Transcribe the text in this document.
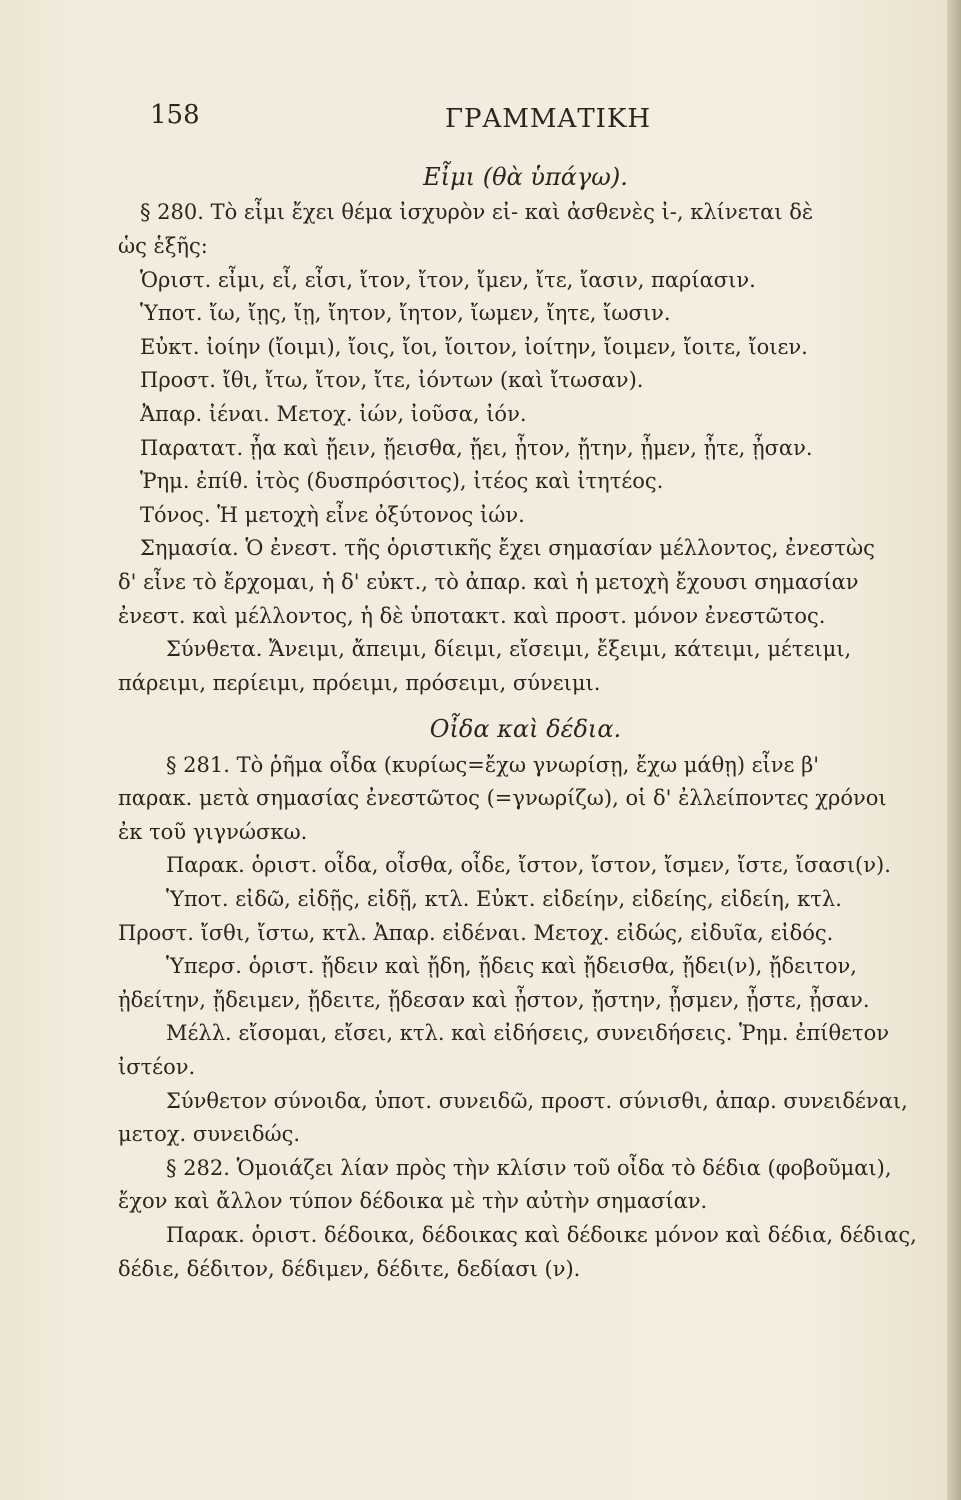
158	ΓΡΑΜΜΑΤΙΚΗ
Εἶμι (θὰ ὑπάγω).
§ 280. Τὸ εἶμι ἔχει θέμα ἰσχυρὸν εἰ- καὶ ἀσθενὲς ἰ-, κλίνεται δὲ
ὡς ἑξῆς:
Ὁριστ. εἶμι, εἶ, εἶσι, ἴτον, ἴτον, ἴμεν, ἴτε, ἴασιν, παρίασιν.
Ὑποτ. ἴω, ἴῃς, ἴῃ, ἴητον, ἴητον, ἴωμεν, ἴητε, ἴωσιν.
Εὐκτ. ἰοίην (ἴοιμι), ἴοις, ἴοι, ἴοιτον, ἰοίτην, ἴοιμεν, ἴοιτε, ἴοιεν.
Προστ. ἴθι, ἴτω, ἴτον, ἴτε, ἰόντων (καὶ ἴτωσαν).
Ἀπαρ. ἰέναι. Μετοχ. ἰών, ἰοῦσα, ἰόν.
Παρατατ. ᾖα καὶ ᾔειν, ᾔεισθα, ᾔει, ᾖτον, ᾔτην, ᾖμεν, ᾖτε, ᾖσαν.
Ῥημ. ἐπίθ. ἰτὸς (δυσπρόσιτος), ἰτέος καὶ ἰτητέος.
Τόνος. Ἡ μετοχὴ εἶνε ὀξύτονος ἰών.
Σημασία. Ὁ ἐνεστ. τῆς ὁριστικῆς ἔχει σημασίαν μέλλοντος, ἐνεστὼς
δ' εἶνε τὸ ἔρχομαι, ἡ δ' εὐκτ., τὸ ἀπαρ. καὶ ἡ μετοχὴ ἔχουσι σημασίαν
ἐνεστ. καὶ μέλλοντος, ἡ δὲ ὑποτακτ. καὶ προστ. μόνον ἐνεστῶτος.
Σύνθετα. Ἄνειμι, ἄπειμι, δίειμι, εἴσειμι, ἔξειμι, κάτειμι, μέτειμι,
πάρειμι, περίειμι, πρόειμι, πρόσειμι, σύνειμι.
Οἶδα καὶ δέδια.
§ 281. Τὸ ῥῆμα οἶδα (κυρίως=ἔχω γνωρίσῃ, ἔχω μάθῃ) εἶνε β'
παρακ. μετὰ σημασίας ἐνεστῶτος (=γνωρίζω), οἱ δ' ἐλλείποντες χρόνοι
ἐκ τοῦ γιγνώσκω.
Παρακ. ὁριστ. οἶδα, οἶσθα, οἶδε, ἴστον, ἴστον, ἴσμεν, ἴστε, ἴσασι(ν).
Ὑποτ. εἰδῶ, εἰδῇς, εἰδῇ, κτλ. Εὐκτ. εἰδείην, εἰδείης, εἰδείη, κτλ.
Προστ. ἴσθι, ἴστω, κτλ. Ἀπαρ. εἰδέναι. Μετοχ. εἰδώς, εἰδυῖα, εἰδός.
Ὑπερσ. ὁριστ. ᾔδειν καὶ ᾔδη, ᾔδεις καὶ ᾔδεισθα, ᾔδει(ν), ᾔδειτον,
ᾐδείτην, ᾔδειμεν, ᾔδειτε, ᾔδεσαν καὶ ᾖστον, ᾔστην, ᾖσμεν, ᾖστε, ᾖσαν.
Μέλλ. εἴσομαι, εἴσει, κτλ. καὶ εἰδήσεις, συνειδήσεις. Ῥημ. ἐπίθετον
ἰστέον.
Σύνθετον σύνοιδα, ὑποτ. συνειδῶ, προστ. σύνισθι, ἀπαρ. συνειδέναι,
μετοχ. συνειδώς.
§ 282. Ὁμοιάζει λίαν πρὸς τὴν κλίσιν τοῦ οἶδα τὸ δέδια (φοβοῦμαι),
ἔχον καὶ ἄλλον τύπον δέδοικα μὲ τὴν αὐτὴν σημασίαν.
Παρακ. ὁριστ. δέδοικα, δέδοικας καὶ δέδοικε μόνον καὶ δέδια, δέδιας,
δέδιε, δέδιτον, δέδιμεν, δέδιτε, δεδίασι (ν).
